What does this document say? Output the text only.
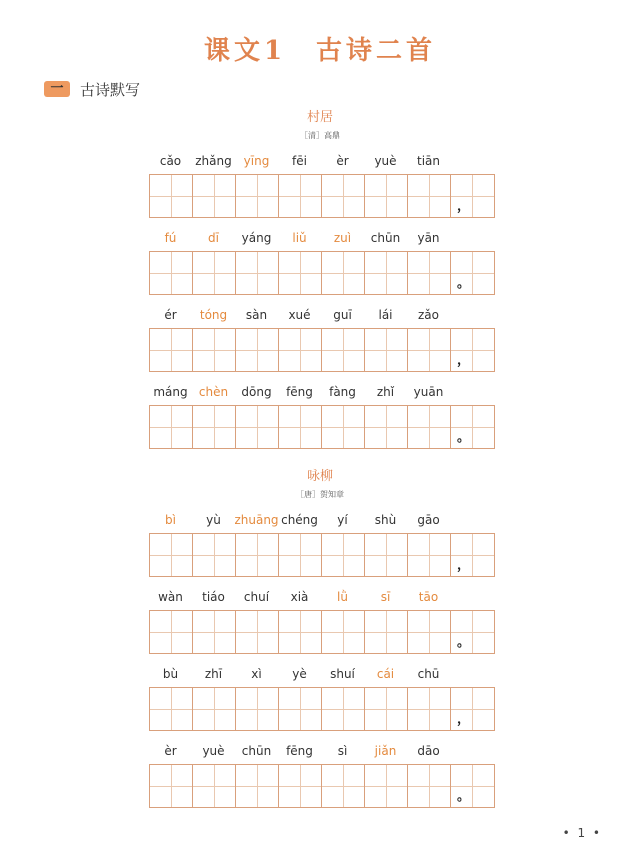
课文1　古诗二首
一	古诗默写
村居
［清］高鼎
cǎo	zhǎng yīng	fēi	èr	yuè	tiān
，
fú	dī	yáng	liǔ	zuì	chūn	yān
。
ér	tóng	sàn	xué	guī	lái	zǎo
，
máng chèn	dōng	fēng	fàng	zhǐ	yuān
。
咏柳
［唐］贺知章
bì	yù	zhuāng chéng	yí	shù	gāo
，
wàn	tiáo	chuí	xià	lǜ	sī	tāo
。
bù	zhī	xì	yè	shuí	cái	chū
，
èr	yuè	chūn	fēng	sì	jiǎn	dāo
。
• 1 •
